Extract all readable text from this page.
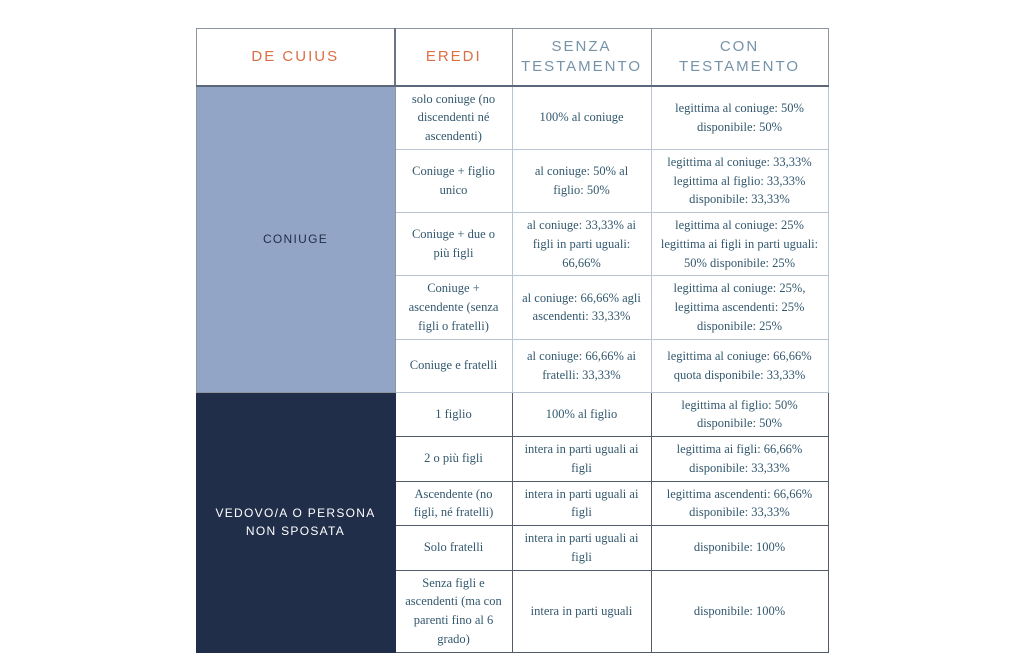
DE CUIUS	EREDI	SENZA TESTAMENTO	CON TESTAMENTO
CONIUGE	solo coniuge (no discendenti né ascendenti)	100% al coniuge	legittima al coniuge: 50% disponibile: 50%
	Coniuge + figlio unico	al coniuge: 50% al figlio: 50%	legittima al coniuge: 33,33% legittima al figlio: 33,33% disponibile: 33,33%
	Coniuge + due o più figli	al coniuge: 33,33% ai figli in parti uguali: 66,66%	legittima al coniuge: 25% legittima ai figli in parti uguali: 50% disponibile: 25%
	Coniuge + ascendente (senza figli o fratelli)	al coniuge: 66,66% agli ascendenti: 33,33%	legittima al coniuge: 25%, legittima ascendenti: 25% disponibile: 25%
	Coniuge e fratelli	al coniuge: 66,66% ai fratelli: 33,33%	legittima al coniuge: 66,66% quota disponibile: 33,33%
VEDOVO/A O PERSONA NON SPOSATA	1 figlio	100% al figlio	legittima al figlio: 50% disponibile: 50%
	2 o più figli	intera in parti uguali ai figli	legittima ai figli: 66,66% disponibile: 33,33%
	Ascendente (no figli, né fratelli)	intera in parti uguali ai figli	legittima ascendenti: 66,66% disponibile: 33,33%
	Solo fratelli	intera in parti uguali ai figli	disponibile: 100%
	Senza figli e ascendenti (ma con parenti fino al 6 grado)	intera in parti uguali	disponibile: 100%
